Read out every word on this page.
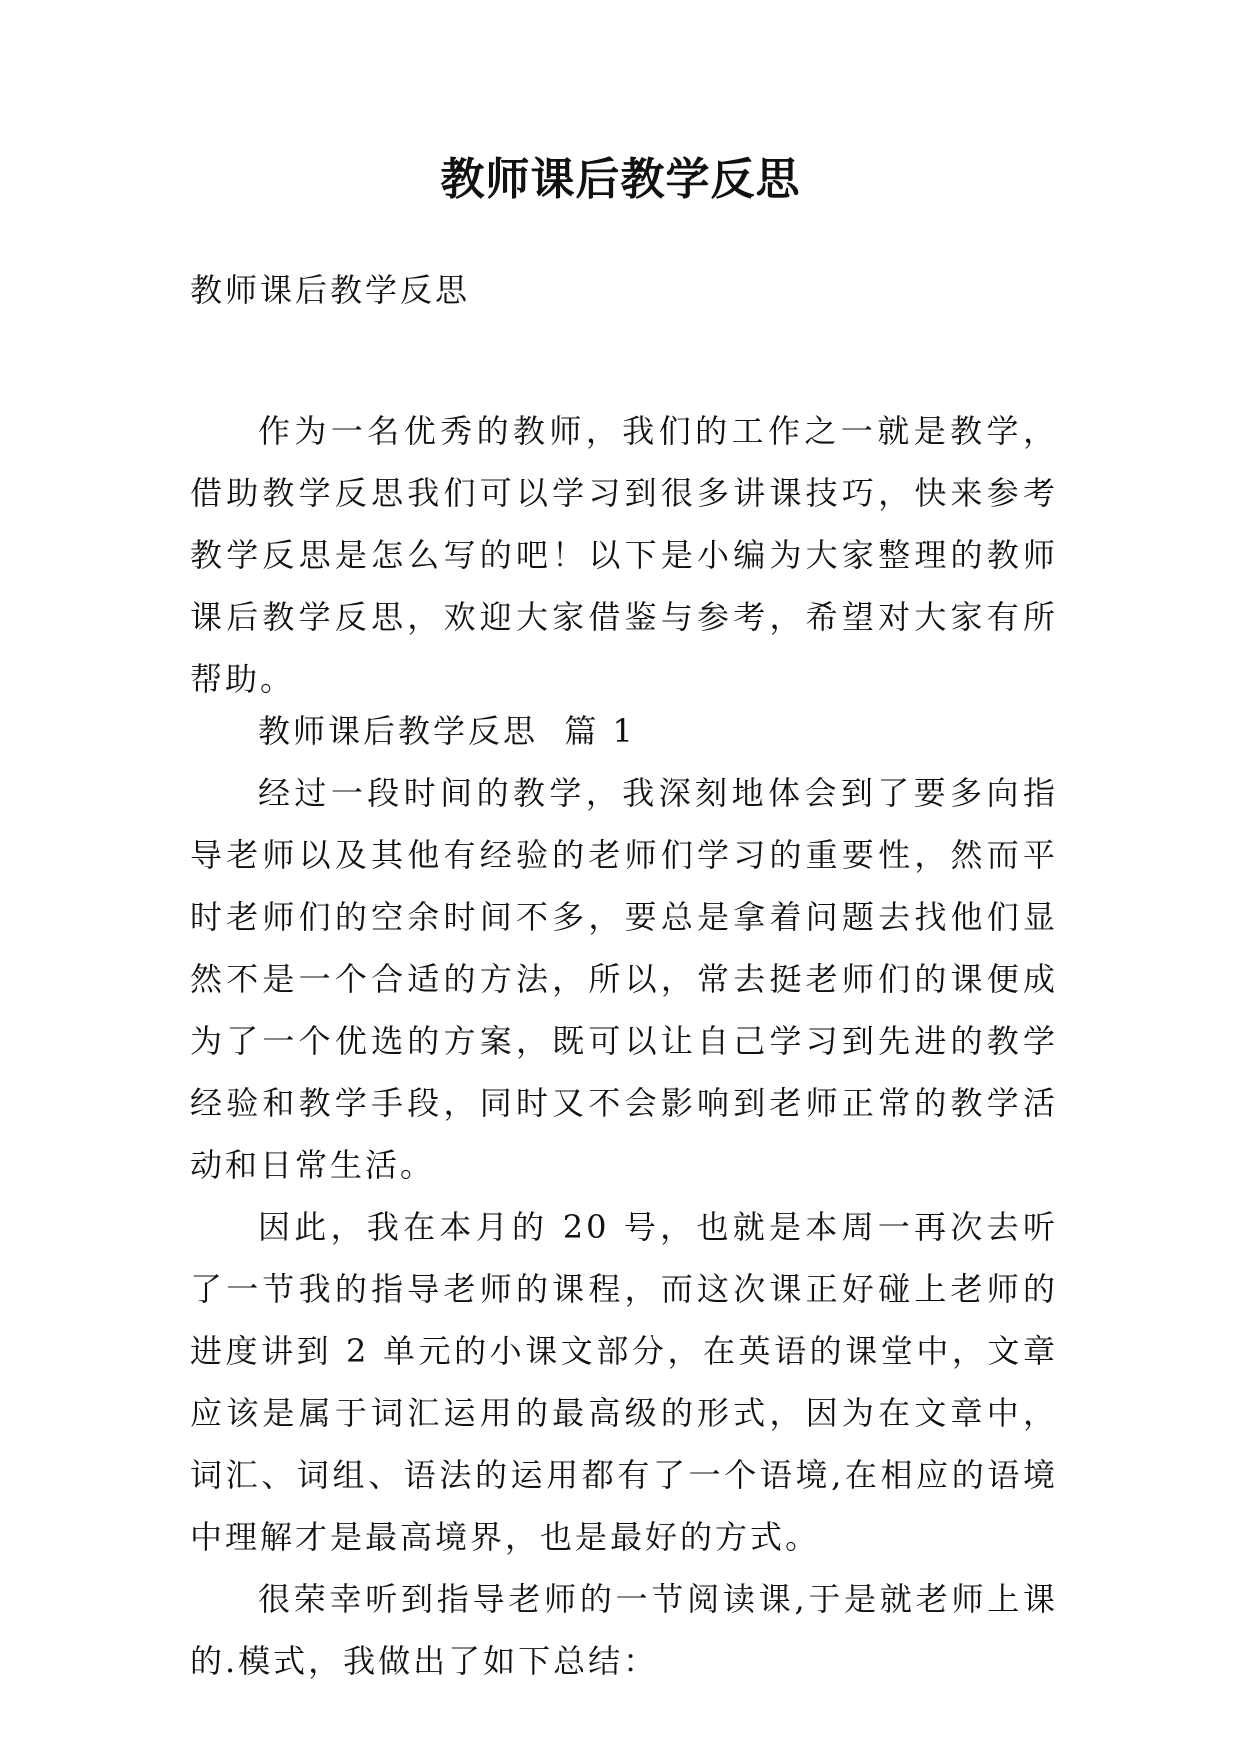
教师课后教学反思

教师课后教学反思

作为一名优秀的教师，我们的工作之一就是教学，借助教学反思我们可以学习到很多讲课技巧，快来参考教学反思是怎么写的吧！以下是小编为大家整理的教师课后教学反思，欢迎大家借鉴与参考，希望对大家有所帮助。

教师课后教学反思  篇 1

经过一段时间的教学，我深刻地体会到了要多向指导老师以及其他有经验的老师们学习的重要性，然而平时老师们的空余时间不多，要总是拿着问题去找他们显然不是一个合适的方法，所以，常去挺老师们的课便成为了一个优选的方案，既可以让自己学习到先进的教学经验和教学手段，同时又不会影响到老师正常的教学活动和日常生活。

因此，我在本月的 20 号，也就是本周一再次去听了一节我的指导老师的课程，而这次课正好碰上老师的进度讲到 2 单元的小课文部分，在英语的课堂中，文章应该是属于词汇运用的最高级的形式，因为在文章中，词汇、词组、语法的运用都有了一个语境,在相应的语境中理解才是最高境界，也是最好的方式。

很荣幸听到指导老师的一节阅读课,于是就老师上课的.模式，我做出了如下总结：
